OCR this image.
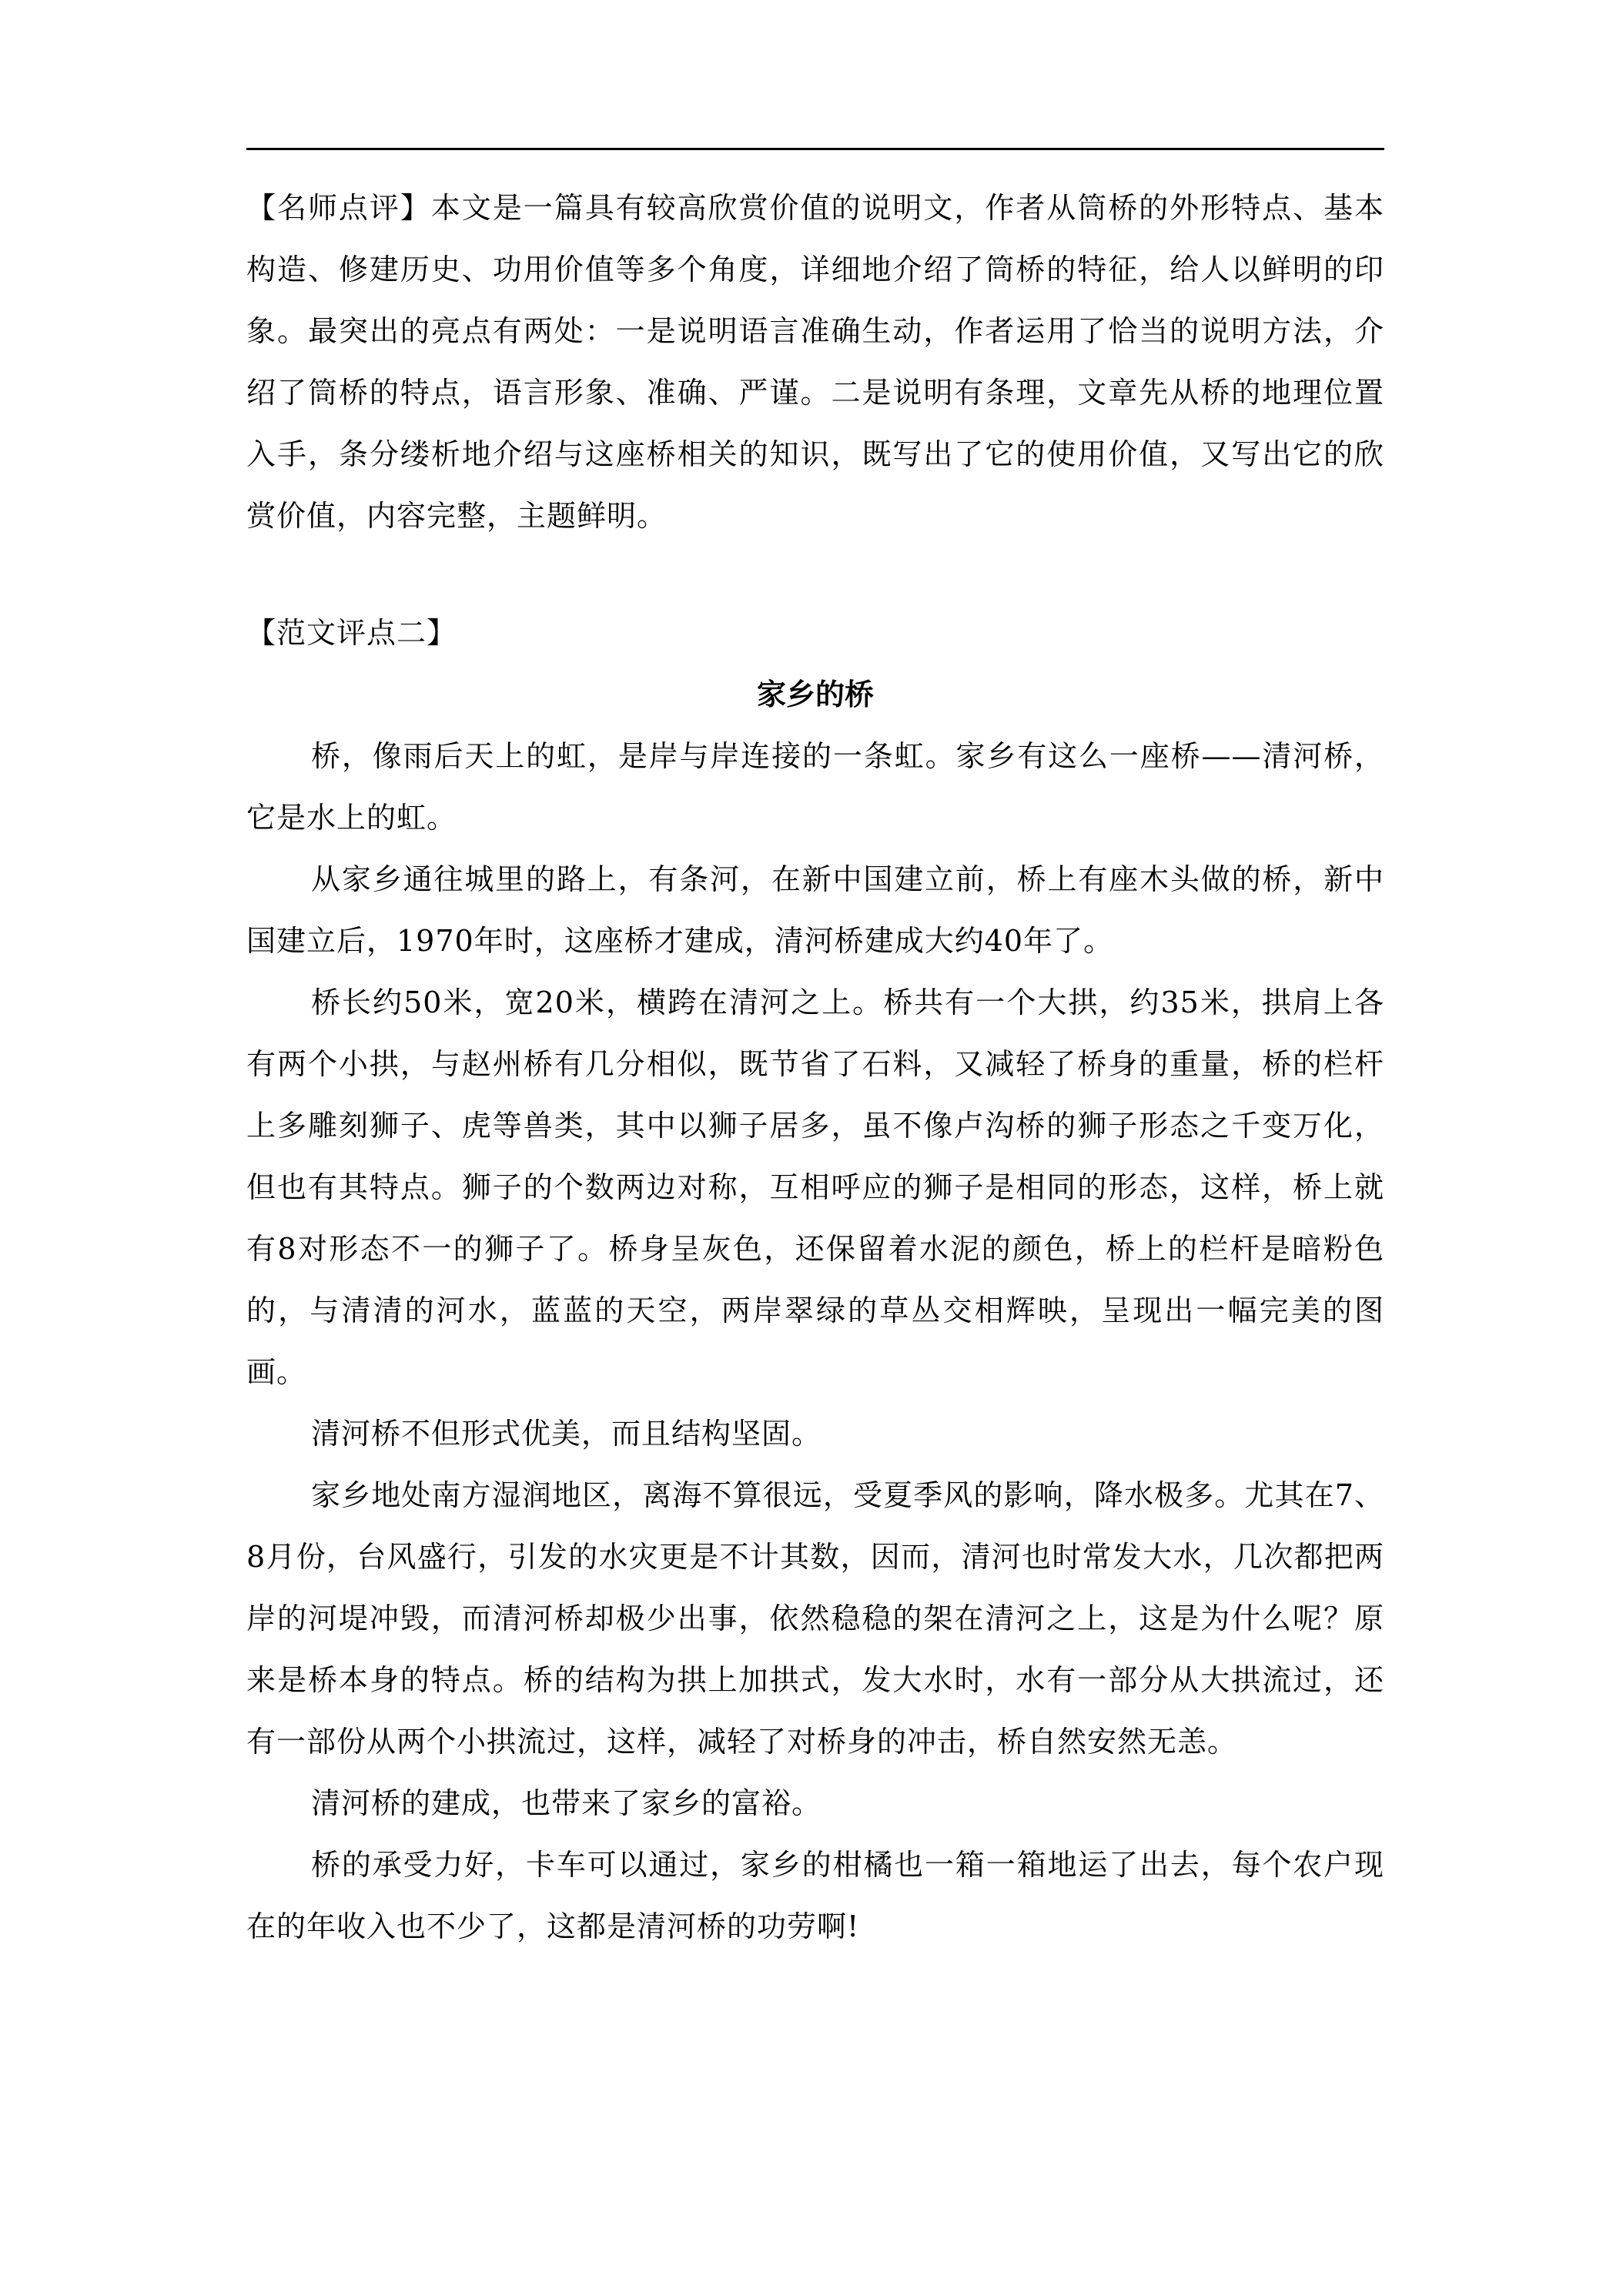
【名师点评】本文是一篇具有较高欣赏价值的说明文，作者从筒桥的外形特点、基本构造、修建历史、功用价值等多个角度，详细地介绍了筒桥的特征，给人以鲜明的印象。最突出的亮点有两处：一是说明语言准确生动，作者运用了恰当的说明方法，介绍了筒桥的特点，语言形象、准确、严谨。二是说明有条理，文章先从桥的地理位置入手，条分缕析地介绍与这座桥相关的知识，既写出了它的使用价值，又写出它的欣赏价值，内容完整，主题鲜明。

【范文评点二】

家乡的桥

桥，像雨后天上的虹，是岸与岸连接的一条虹。家乡有这么一座桥——清河桥，它是水上的虹。

从家乡通往城里的路上，有条河，在新中国建立前，桥上有座木头做的桥，新中国建立后，1970年时，这座桥才建成，清河桥建成大约40年了。

桥长约50米，宽20米，横跨在清河之上。桥共有一个大拱，约35米，拱肩上各有两个小拱，与赵州桥有几分相似，既节省了石料，又减轻了桥身的重量，桥的栏杆上多雕刻狮子、虎等兽类，其中以狮子居多，虽不像卢沟桥的狮子形态之千变万化，但也有其特点。狮子的个数两边对称，互相呼应的狮子是相同的形态，这样，桥上就有8对形态不一的狮子了。桥身呈灰色，还保留着水泥的颜色，桥上的栏杆是暗粉色的，与清清的河水，蓝蓝的天空，两岸翠绿的草丛交相辉映，呈现出一幅完美的图画。

清河桥不但形式优美，而且结构坚固。

家乡地处南方湿润地区，离海不算很远，受夏季风的影响，降水极多。尤其在7、8月份，台风盛行，引发的水灾更是不计其数，因而，清河也时常发大水，几次都把两岸的河堤冲毁，而清河桥却极少出事，依然稳稳的架在清河之上，这是为什么呢？原来是桥本身的特点。桥的结构为拱上加拱式，发大水时，水有一部分从大拱流过，还有一部份从两个小拱流过，这样，减轻了对桥身的冲击，桥自然安然无恙。

清河桥的建成，也带来了家乡的富裕。

桥的承受力好，卡车可以通过，家乡的柑橘也一箱一箱地运了出去，每个农户现在的年收入也不少了，这都是清河桥的功劳啊!
